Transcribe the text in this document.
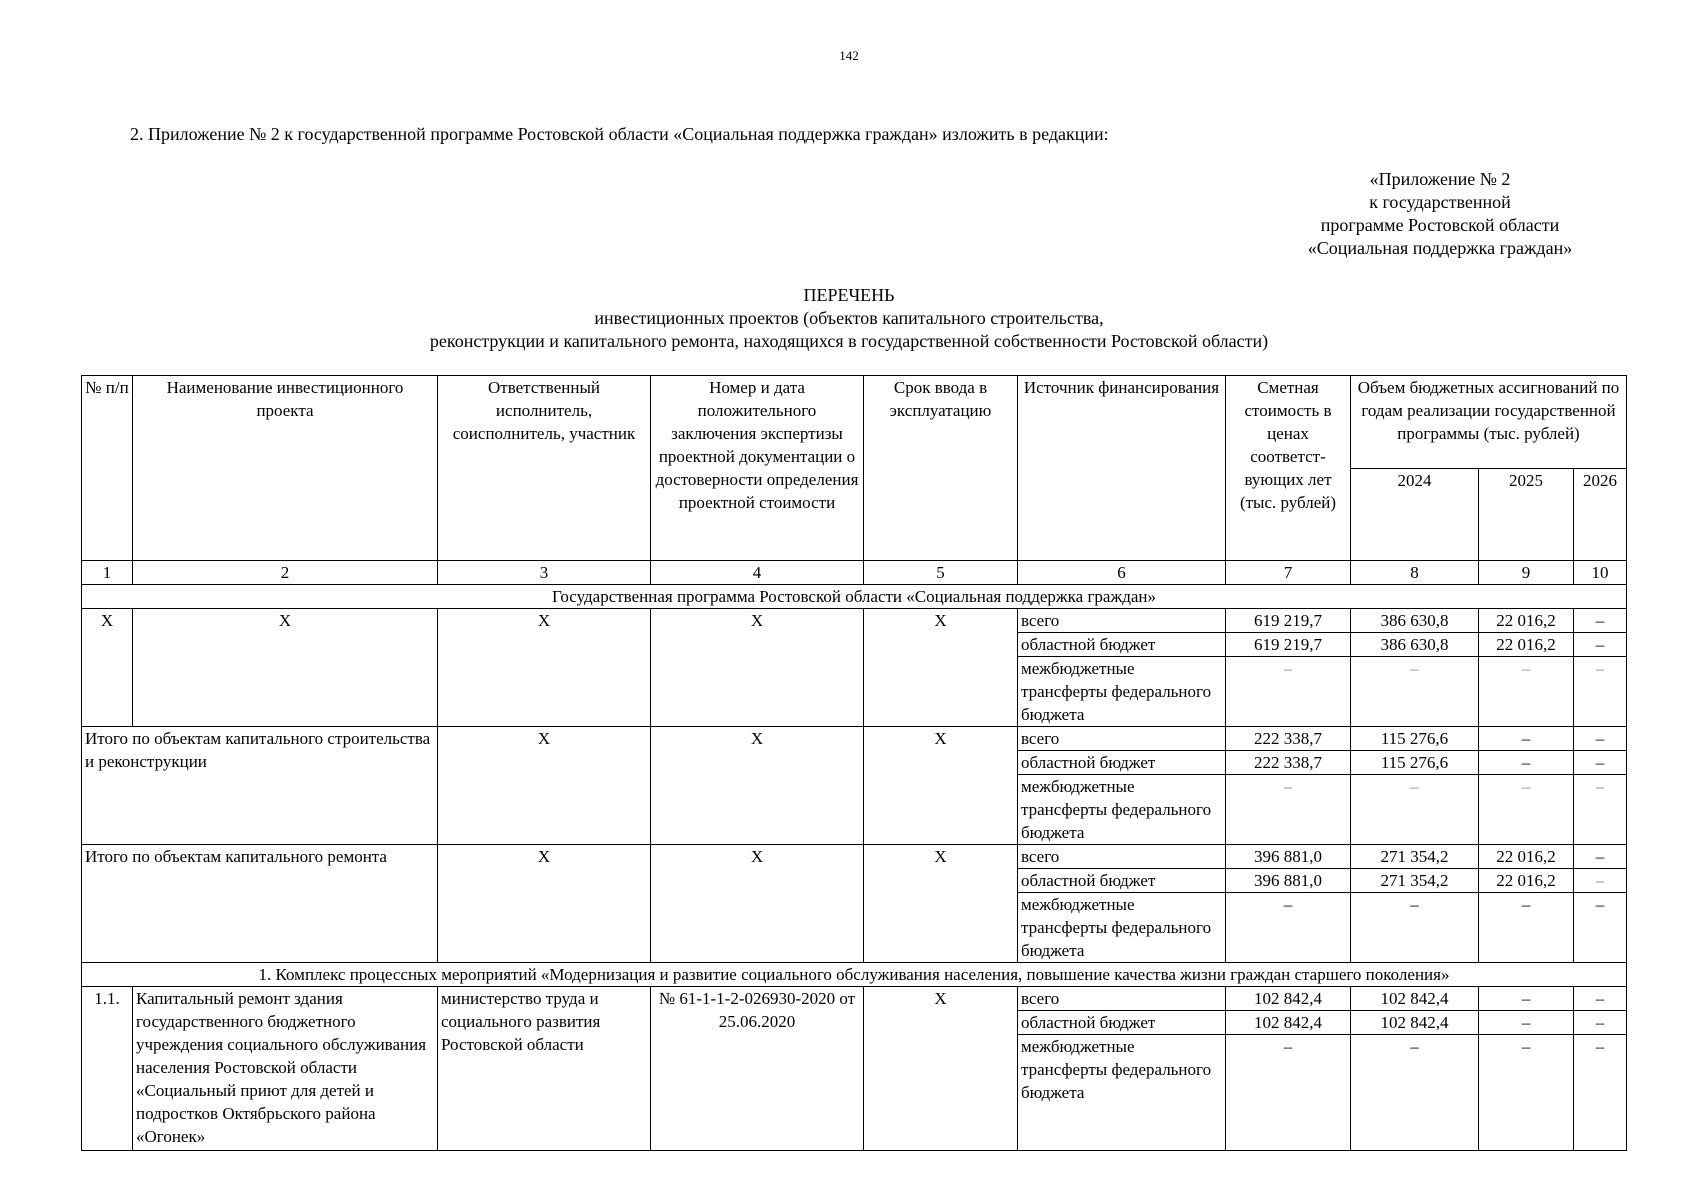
142
2. Приложение № 2 к государственной программе Ростовской области «Социальная поддержка граждан» изложить в редакции:
«Приложение № 2
к государственной
программе Ростовской области
«Социальная поддержка граждан»
ПЕРЕЧЕНЬ
инвестиционных проектов (объектов капитального строительства,
реконструкции и капитального ремонта, находящихся в государственной собственности Ростовской области)
№ п/п	Наименование инвестиционного проекта	Ответственный исполнитель, соисполнитель, участник	Номер и дата положительного заключения экспертизы проектной документации о достоверности определения проектной стоимости	Срок ввода в эксплуатацию	Источник финансирования	Сметная стоимость в ценах соответст-вующих лет (тыс. рублей)	Объем бюджетных ассигнований по годам реализации государственной программы (тыс. рублей)		
							2024	2025	2026
1	2	3	4	5	6	7	8	9	10
Государственная программа Ростовской области «Социальная поддержка граждан»									
Х	Х	Х	Х	Х	всего	619 219,7	386 630,8	22 016,2	–
					областной бюджет	619 219,7	386 630,8	22 016,2	–
					межбюджетные трансферты федерального бюджета	–	–	–	–
Итого по объектам капитального строительства и реконструкции		Х	Х	Х	всего	222 338,7	115 276,6	–	–
					областной бюджет	222 338,7	115 276,6	–	–
					межбюджетные трансферты федерального бюджета	–	–	–	–
Итого по объектам капитального ремонта		Х	Х	Х	всего	396 881,0	271 354,2	22 016,2	–
					областной бюджет	396 881,0	271 354,2	22 016,2	–
					межбюджетные трансферты федерального бюджета	–	–	–	–
1. Комплекс процессных мероприятий «Модернизация и развитие социального обслуживания населения, повышение качества жизни граждан старшего поколения»									
1.1.	Капитальный ремонт здания государственного бюджетного учреждения социального обслуживания населения Ростовской области «Социальный приют для детей и подростков Октябрьского района «Огонек»	министерство труда и социального развития Ростовской области	№ 61-1-1-2-026930-2020 от 25.06.2020	Х	всего	102 842,4	102 842,4	–	–
					областной бюджет	102 842,4	102 842,4	–	–
					межбюджетные трансферты федерального бюджета	–	–	–	–
